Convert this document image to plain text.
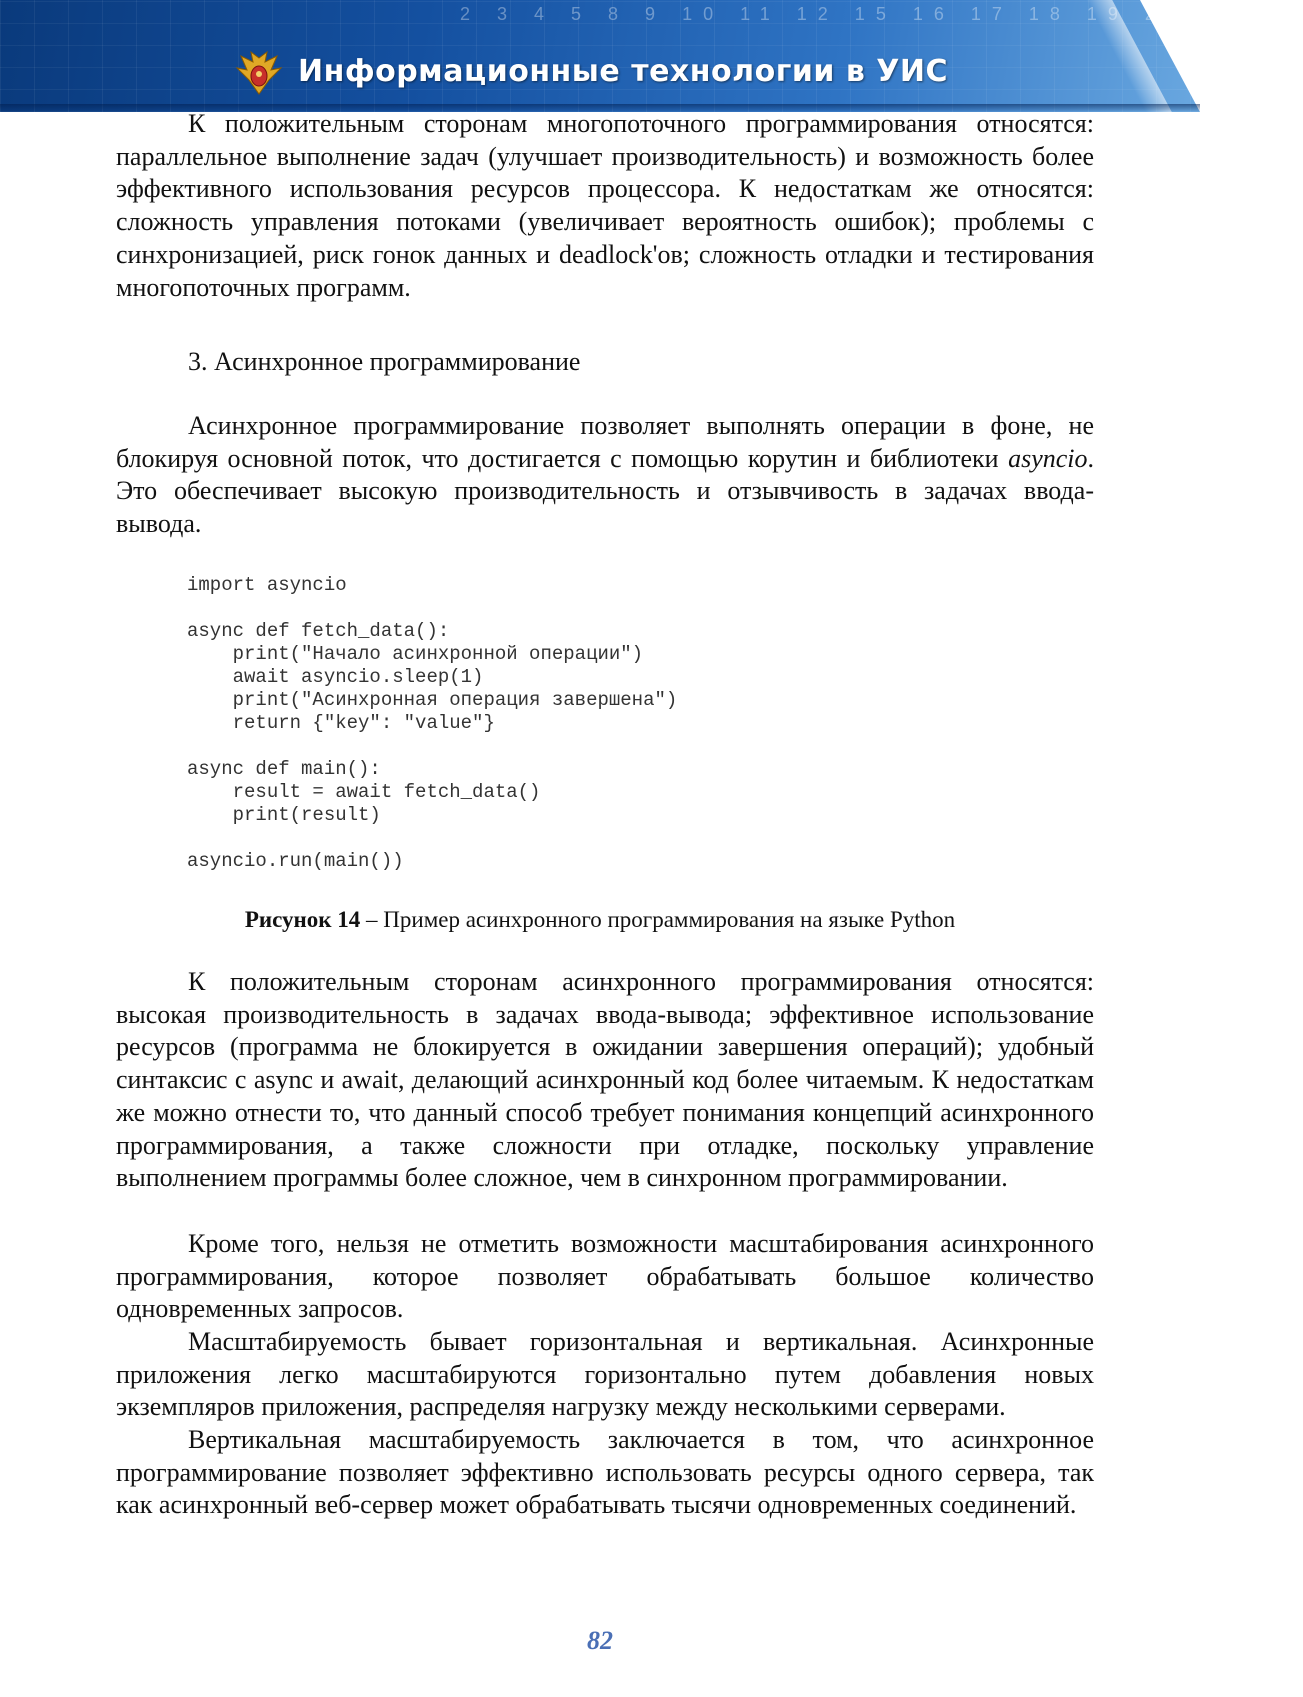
2 3 4 5 8 9 10 11 12 15 16 17 18 19 22 23 24
Информационные технологии в УИС

К положительным сторонам многопоточного программирования относятся: параллельное выполнение задач (улучшает производительность) и возможность более эффективного использования ресурсов процессора. К недостаткам же относятся: сложность управления потоками (увеличивает вероятность ошибок); проблемы с синхронизацией, риск гонок данных и deadlock'ов; сложность отладки и тестирования многопоточных программ.

3. Асинхронное программирование

Асинхронное программирование позволяет выполнять операции в фоне, не блокируя основной поток, что достигается с помощью корутин и библиотеки asyncio. Это обеспечивает высокую производительность и отзывчивость в задачах ввода-вывода.

import asyncio

async def fetch_data():
print("Начало асинхронной операции")
await asyncio.sleep(1)
print("Асинхронная операция завершена")
return {"key": "value"}

async def main():
result = await fetch_data()
print(result)

asyncio.run(main())
Рисунок 14 – Пример асинхронного программирования на языке Python

К положительным сторонам асинхронного программирования относятся: высокая производительность в задачах ввода-вывода; эффективное использование ресурсов (программа не блокируется в ожидании завершения операций); удобный синтаксис с async и await, делающий асинхронный код более читаемым. К недостаткам же можно отнести то, что данный способ требует понимания концепций асинхронного программирования, а также сложности при отладке, поскольку управление выполнением программы более сложное, чем в синхронном программировании.

Кроме того, нельзя не отметить возможности масштабирования асинхронного программирования, которое позволяет обрабатывать большое количество одновременных запросов.

Масштабируемость бывает горизонтальная и вертикальная. Асинхронные приложения легко масштабируются горизонтально путем добавления новых экземпляров приложения, распределяя нагрузку между несколькими серверами.

Вертикальная масштабируемость заключается в том, что асинхронное программирование позволяет эффективно использовать ресурсы одного сервера, так как асинхронный веб-сервер может обрабатывать тысячи одновременных соединений.

82
